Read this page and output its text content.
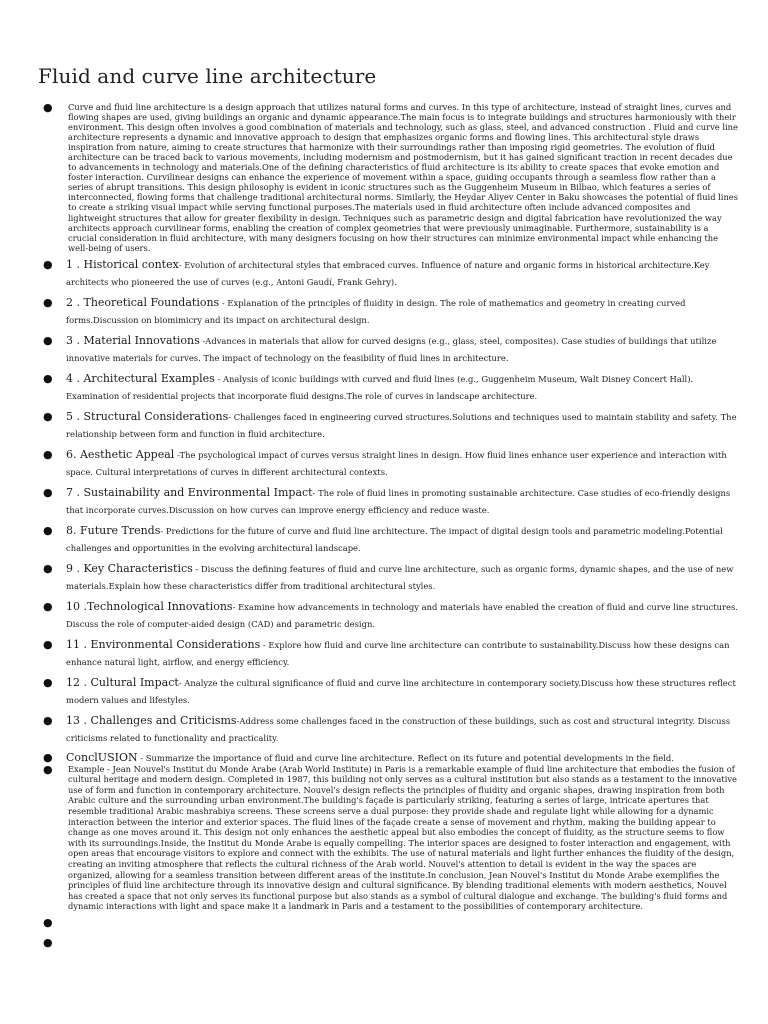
Fluid and curve line architecture
● Curve and fluid line architecture is a design approach that utilizes natural forms and curves. In this type of architecture, instead of straight lines, curves and flowing shapes are used, giving buildings an organic and dynamic appearance.The main focus is to integrate buildings and structures harmoniously with their environment. This design often involves a good combination of materials and technology, such as glass, steel, and advanced construction . Fluid and curve line architecture represents a dynamic and innovative approach to design that emphasizes organic forms and flowing lines. This architectural style draws inspiration from nature, aiming to create structures that harmonize with their surroundings rather than imposing rigid geometries. The evolution of fluid architecture can be traced back to various movements, including modernism and postmodernism, but it has gained significant traction in recent decades due to advancements in technology and materials.One of the defining characteristics of fluid architecture is its ability to create spaces that evoke emotion and foster interaction. Curvilinear designs can enhance the experience of movement within a space, guiding occupants through a seamless flow rather than a series of abrupt transitions. This design philosophy is evident in iconic structures such as the Guggenheim Museum in Bilbao, which features a series of interconnected, flowing forms that challenge traditional architectural norms. Similarly, the Heydar Aliyev Center in Baku showcases the potential of fluid lines to create a striking visual impact while serving functional purposes.The materials used in fluid architecture often include advanced composites and lightweight structures that allow for greater flexibility in design. Techniques such as parametric design and digital fabrication have revolutionized the way architects approach curvilinear forms, enabling the creation of complex geometries that were previously unimaginable. Furthermore, sustainability is a crucial consideration in fluid architecture, with many designers focusing on how their structures can minimize environmental impact while enhancing the well-being of users.
● 1 . Historical contex- Evolution of architectural styles that embraced curves. Influence of nature and organic forms in historical architecture.Key architects who pioneered the use of curves (e.g., Antoni Gaudí, Frank Gehry).
● 2 . Theoretical Foundations - Explanation of the principles of fluidity in design. The role of mathematics and geometry in creating curved forms.Discussion on biomimicry and its impact on architectural design.
● 3 . Material Innovations -Advances in materials that allow for curved designs (e.g., glass, steel, composites). Case studies of buildings that utilize innovative materials for curves. The impact of technology on the feasibility of fluid lines in architecture.
● 4 . Architectural Examples - Analysis of iconic buildings with curved and fluid lines (e.g., Guggenheim Museum, Walt Disney Concert Hall). Examination of residential projects that incorporate fluid designs.The role of curves in landscape architecture.
● 5 . Structural Considerations- Challenges faced in engineering curved structures.Solutions and techniques used to maintain stability and safety. The relationship between form and function in fluid architecture.
● 6. Aesthetic Appeal -The psychological impact of curves versus straight lines in design. How fluid lines enhance user experience and interaction with space. Cultural interpretations of curves in different architectural contexts.
● 7 . Sustainability and Environmental Impact- The role of fluid lines in promoting sustainable architecture. Case studies of eco-friendly designs that incorporate curves.Discussion on how curves can improve energy efficiency and reduce waste.
● 8. Future Trends- Predictions for the future of curve and fluid line architecture. The impact of digital design tools and parametric modeling.Potential challenges and opportunities in the evolving architectural landscape.
● 9 . Key Characteristics - Discuss the defining features of fluid and curve line architecture, such as organic forms, dynamic shapes, and the use of new materials.Explain how these characteristics differ from traditional architectural styles.
● 10 .Technological Innovations- Examine how advancements in technology and materials have enabled the creation of fluid and curve line structures. Discuss the role of computer-aided design (CAD) and parametric design.
● 11 . Environmental Considerations - Explore how fluid and curve line architecture can contribute to sustainability.Discuss how these designs can enhance natural light, airflow, and energy efficiency.
● 12 . Cultural Impact- Analyze the cultural significance of fluid and curve line architecture in contemporary society.Discuss how these structures reflect modern values and lifestyles.
● 13 . Challenges and Criticisms-Address some challenges faced in the construction of these buildings, such as cost and structural integrity. Discuss criticisms related to functionality and practicality.
● ConclUSION - Summarize the importance of fluid and curve line architecture. Reflect on its future and potential developments in the field.
● Example - Jean Nouvel's Institut du Monde Arabe (Arab World Institute) in Paris is a remarkable example of fluid line architecture that embodies the fusion of cultural heritage and modern design. Completed in 1987, this building not only serves as a cultural institution but also stands as a testament to the innovative use of form and function in contemporary architecture. Nouvel's design reflects the principles of fluidity and organic shapes, drawing inspiration from both Arabic culture and the surrounding urban environment.The building's façade is particularly striking, featuring a series of large, intricate apertures that resemble traditional Arabic mashrabiya screens. These screens serve a dual purpose: they provide shade and regulate light while allowing for a dynamic interaction between the interior and exterior spaces. The fluid lines of the façade create a sense of movement and rhythm, making the building appear to change as one moves around it. This design not only enhances the aesthetic appeal but also embodies the concept of fluidity, as the structure seems to flow with its surroundings.Inside, the Institut du Monde Arabe is equally compelling. The interior spaces are designed to foster interaction and engagement, with open areas that encourage visitors to explore and connect with the exhibits. The use of natural materials and light further enhances the fluidity of the design, creating an inviting atmosphere that reflects the cultural richness of the Arab world. Nouvel's attention to detail is evident in the way the spaces are organized, allowing for a seamless transition between different areas of the institute.In conclusion, Jean Nouvel's Institut du Monde Arabe exemplifies the principles of fluid line architecture through its innovative design and cultural significance. By blending traditional elements with modern aesthetics, Nouvel has created a space that not only serves its functional purpose but also stands as a symbol of cultural dialogue and exchange. The building's fluid forms and dynamic interactions with light and space make it a landmark in Paris and a testament to the possibilities of contemporary architecture.
●
●
